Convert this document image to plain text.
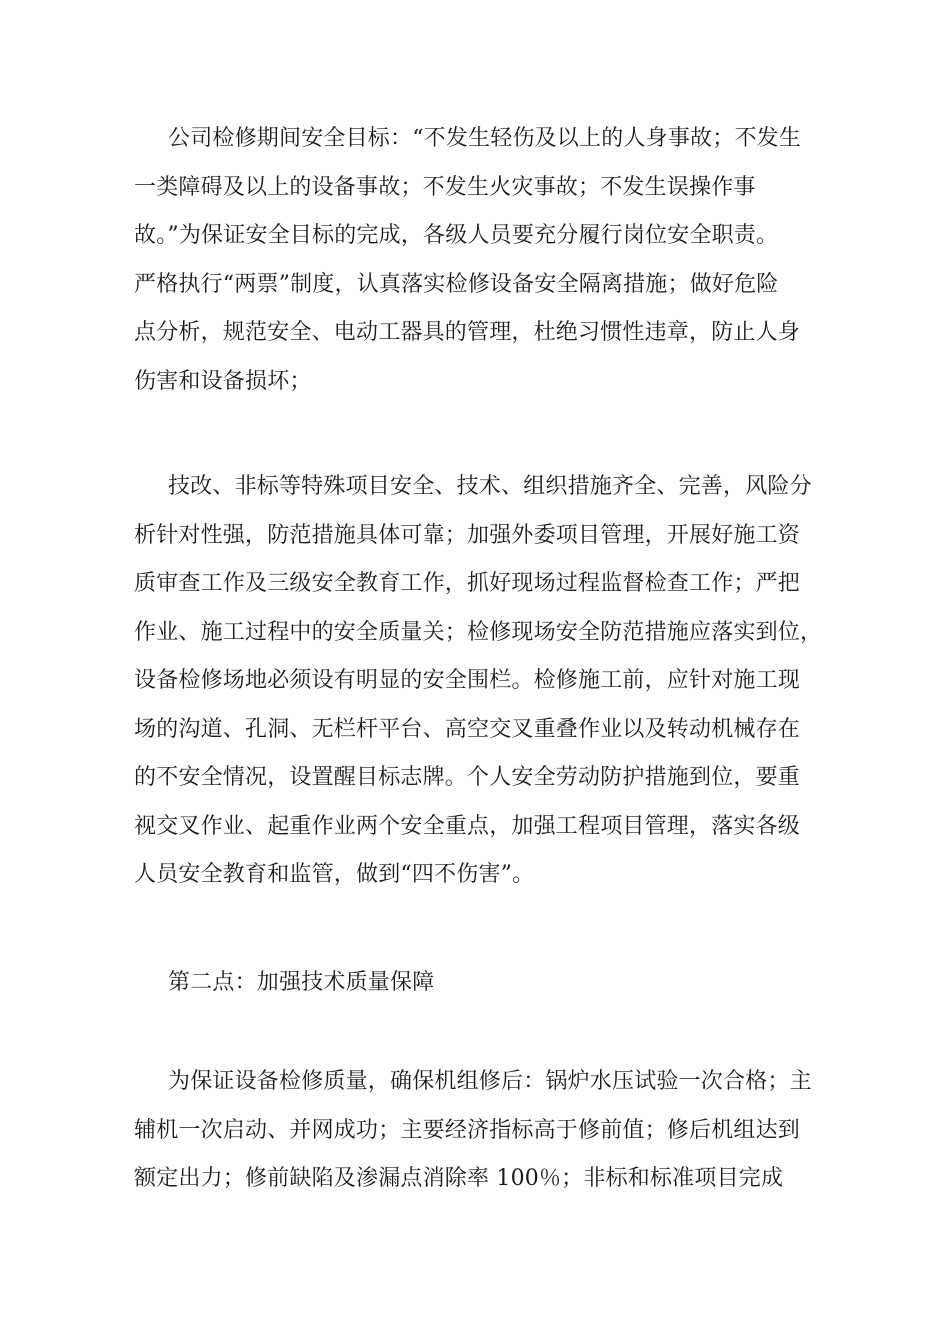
公司检修期间安全目标：“不发生轻伤及以上的人身事故；不发生
一类障碍及以上的设备事故；不发生火灾事故；不发生误操作事
故。”为保证安全目标的完成，各级人员要充分履行岗位安全职责。
严格执行“两票”制度，认真落实检修设备安全隔离措施；做好危险
点分析，规范安全、电动工器具的管理，杜绝习惯性违章，防止人身
伤害和设备损坏；
技改、非标等特殊项目安全、技术、组织措施齐全、完善，风险分
析针对性强，防范措施具体可靠；加强外委项目管理，开展好施工资
质审查工作及三级安全教育工作，抓好现场过程监督检查工作；严把
作业、施工过程中的安全质量关；检修现场安全防范措施应落实到位，
设备检修场地必须设有明显的安全围栏。检修施工前，应针对施工现
场的沟道、孔洞、无栏杆平台、高空交叉重叠作业以及转动机械存在
的不安全情况，设置醒目标志牌。个人安全劳动防护措施到位，要重
视交叉作业、起重作业两个安全重点，加强工程项目管理，落实各级
人员安全教育和监管，做到“四不伤害”。
第二点：加强技术质量保障
为保证设备检修质量，确保机组修后：锅炉水压试验一次合格；主
辅机一次启动、并网成功；主要经济指标高于修前值；修后机组达到
额定出力；修前缺陷及渗漏点消除率 100％；非标和标准项目完成
